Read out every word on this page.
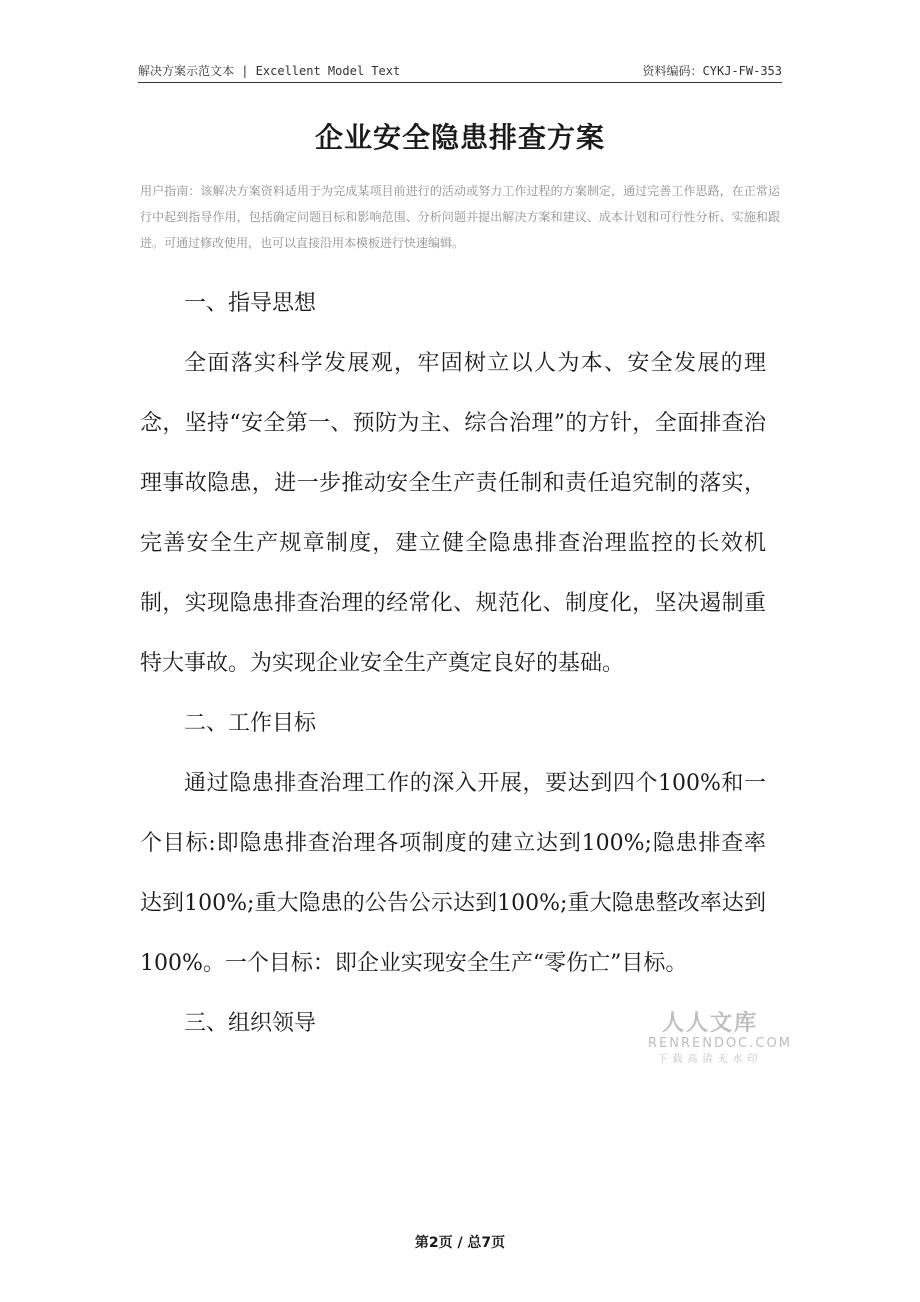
解决方案示范文本 | Excellent Model Text	资料编码：CYKJ-FW-353
企业安全隐患排查方案
用户指南：该解决方案资料适用于为完成某项目前进行的活动或努力工作过程的方案制定，通过完善工作思路，在正常运行中起到指导作用，包括确定问题目标和影响范围、分析问题并提出解决方案和建议、成本计划和可行性分析、实施和跟进。可通过修改使用，也可以直接沿用本模板进行快速编辑。

一、指导思想

全面落实科学发展观，牢固树立以人为本、安全发展的理念，坚持“安全第一、预防为主、综合治理”的方针，全面排查治理事故隐患，进一步推动安全生产责任制和责任追究制的落实，完善安全生产规章制度，建立健全隐患排查治理监控的长效机制，实现隐患排查治理的经常化、规范化、制度化，坚决遏制重特大事故。为实现企业安全生产奠定良好的基础。

二、工作目标

通过隐患排查治理工作的深入开展，要达到四个100%和一个目标:即隐患排查治理各项制度的建立达到100%;隐患排查率达到100%;重大隐患的公告公示达到100%;重大隐患整改率达到100%。一个目标：即企业实现安全生产“零伤亡”目标。

三、组织领导	人人文库
RENRENDOC.COM
下载高清无水印
第2页 / 总7页
